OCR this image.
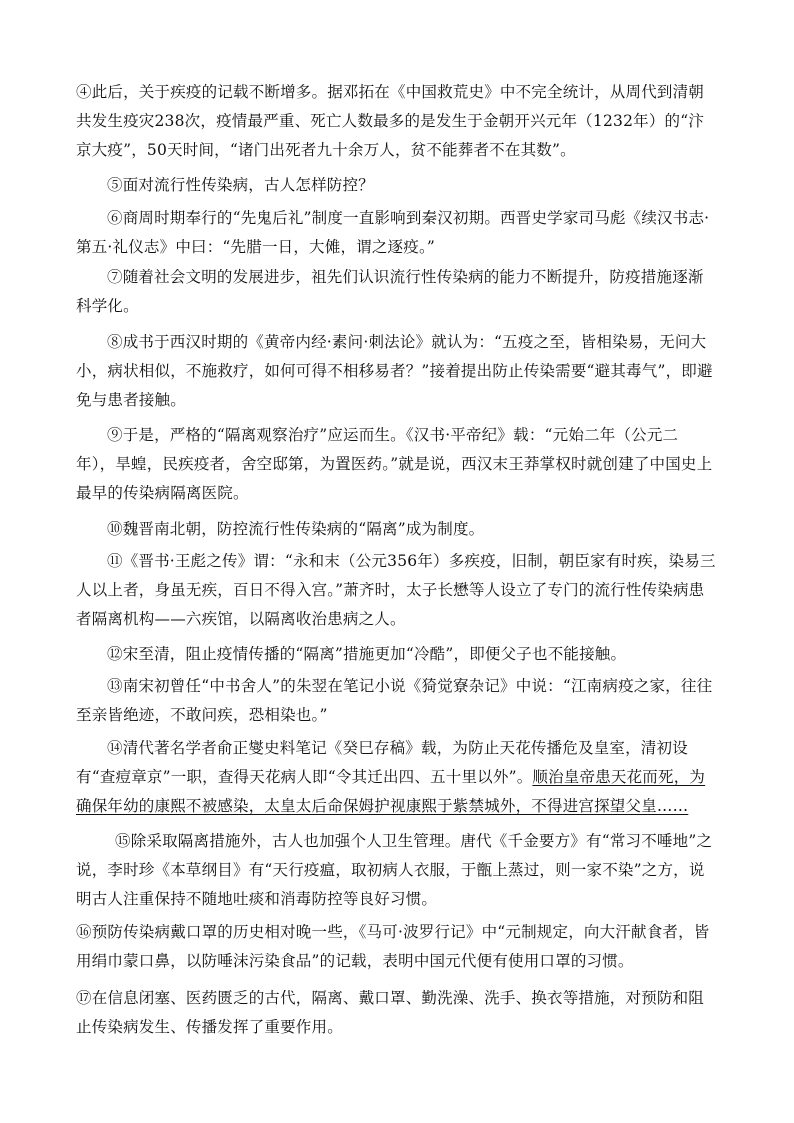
④此后，关于疾疫的记载不断增多。据邓拓在《中国救荒史》中不完全统计，从周代到清朝共发生疫灾238次，疫情最严重、死亡人数最多的是发生于金朝开兴元年（1232年）的“汴京大疫”，50天时间，“诸门出死者九十余万人，贫不能葬者不在其数”。

⑤面对流行性传染病，古人怎样防控？

⑥商周时期奉行的“先鬼后礼”制度一直影响到秦汉初期。西晋史学家司马彪《续汉书志·第五·礼仪志》中曰：“先腊一日，大傩，谓之逐疫。”

⑦随着社会文明的发展进步，祖先们认识流行性传染病的能力不断提升，防疫措施逐渐科学化。

⑧成书于西汉时期的《黄帝内经·素问·刺法论》就认为：“五疫之至，皆相染易，无问大小，病状相似，不施救疗，如何可得不相移易者？”接着提出防止传染需要“避其毒气”，即避免与患者接触。

⑨于是，严格的“隔离观察治疗”应运而生。《汉书·平帝纪》载：“元始二年（公元二年），旱蝗，民疾疫者，舍空邸第，为置医药。”就是说，西汉末王莽掌权时就创建了中国史上最早的传染病隔离医院。

⑩魏晋南北朝，防控流行性传染病的“隔离”成为制度。

⑪《晋书·王彪之传》谓：“永和末（公元356年）多疾疫，旧制，朝臣家有时疾，染易三人以上者，身虽无疾，百日不得入宫。”萧齐时，太子长懋等人设立了专门的流行性传染病患者隔离机构——六疾馆，以隔离收治患病之人。

⑫宋至清，阻止疫情传播的“隔离”措施更加“冷酷”，即便父子也不能接触。

⑬南宋初曾任“中书舍人”的朱翌在笔记小说《猗觉寮杂记》中说：“江南病疫之家，往往至亲皆绝迹，不敢问疾，恐相染也。”

⑭清代著名学者俞正燮史料笔记《癸巳存稿》载，为防止天花传播危及皇室，清初设有“查痘章京”一职，查得天花病人即“令其迁出四、五十里以外”。顺治皇帝患天花而死，为确保年幼的康熙不被感染，太皇太后命保姆护视康熙于紫禁城外，不得进宫探望父皇……

⑮除采取隔离措施外，古人也加强个人卫生管理。唐代《千金要方》有“常习不唾地”之说，李时珍《本草纲目》有“天行疫瘟，取初病人衣服，于甑上蒸过，则一家不染”之方，说明古人注重保持不随地吐痰和消毒防控等良好习惯。

⑯预防传染病戴口罩的历史相对晚一些，《马可·波罗行记》中“元制规定，向大汗献食者，皆用绢巾蒙口鼻，以防唾沫污染食品”的记载，表明中国元代便有使用口罩的习惯。

⑰在信息闭塞、医药匮乏的古代，隔离、戴口罩、勤洗澡、洗手、换衣等措施，对预防和阻止传染病发生、传播发挥了重要作用。
